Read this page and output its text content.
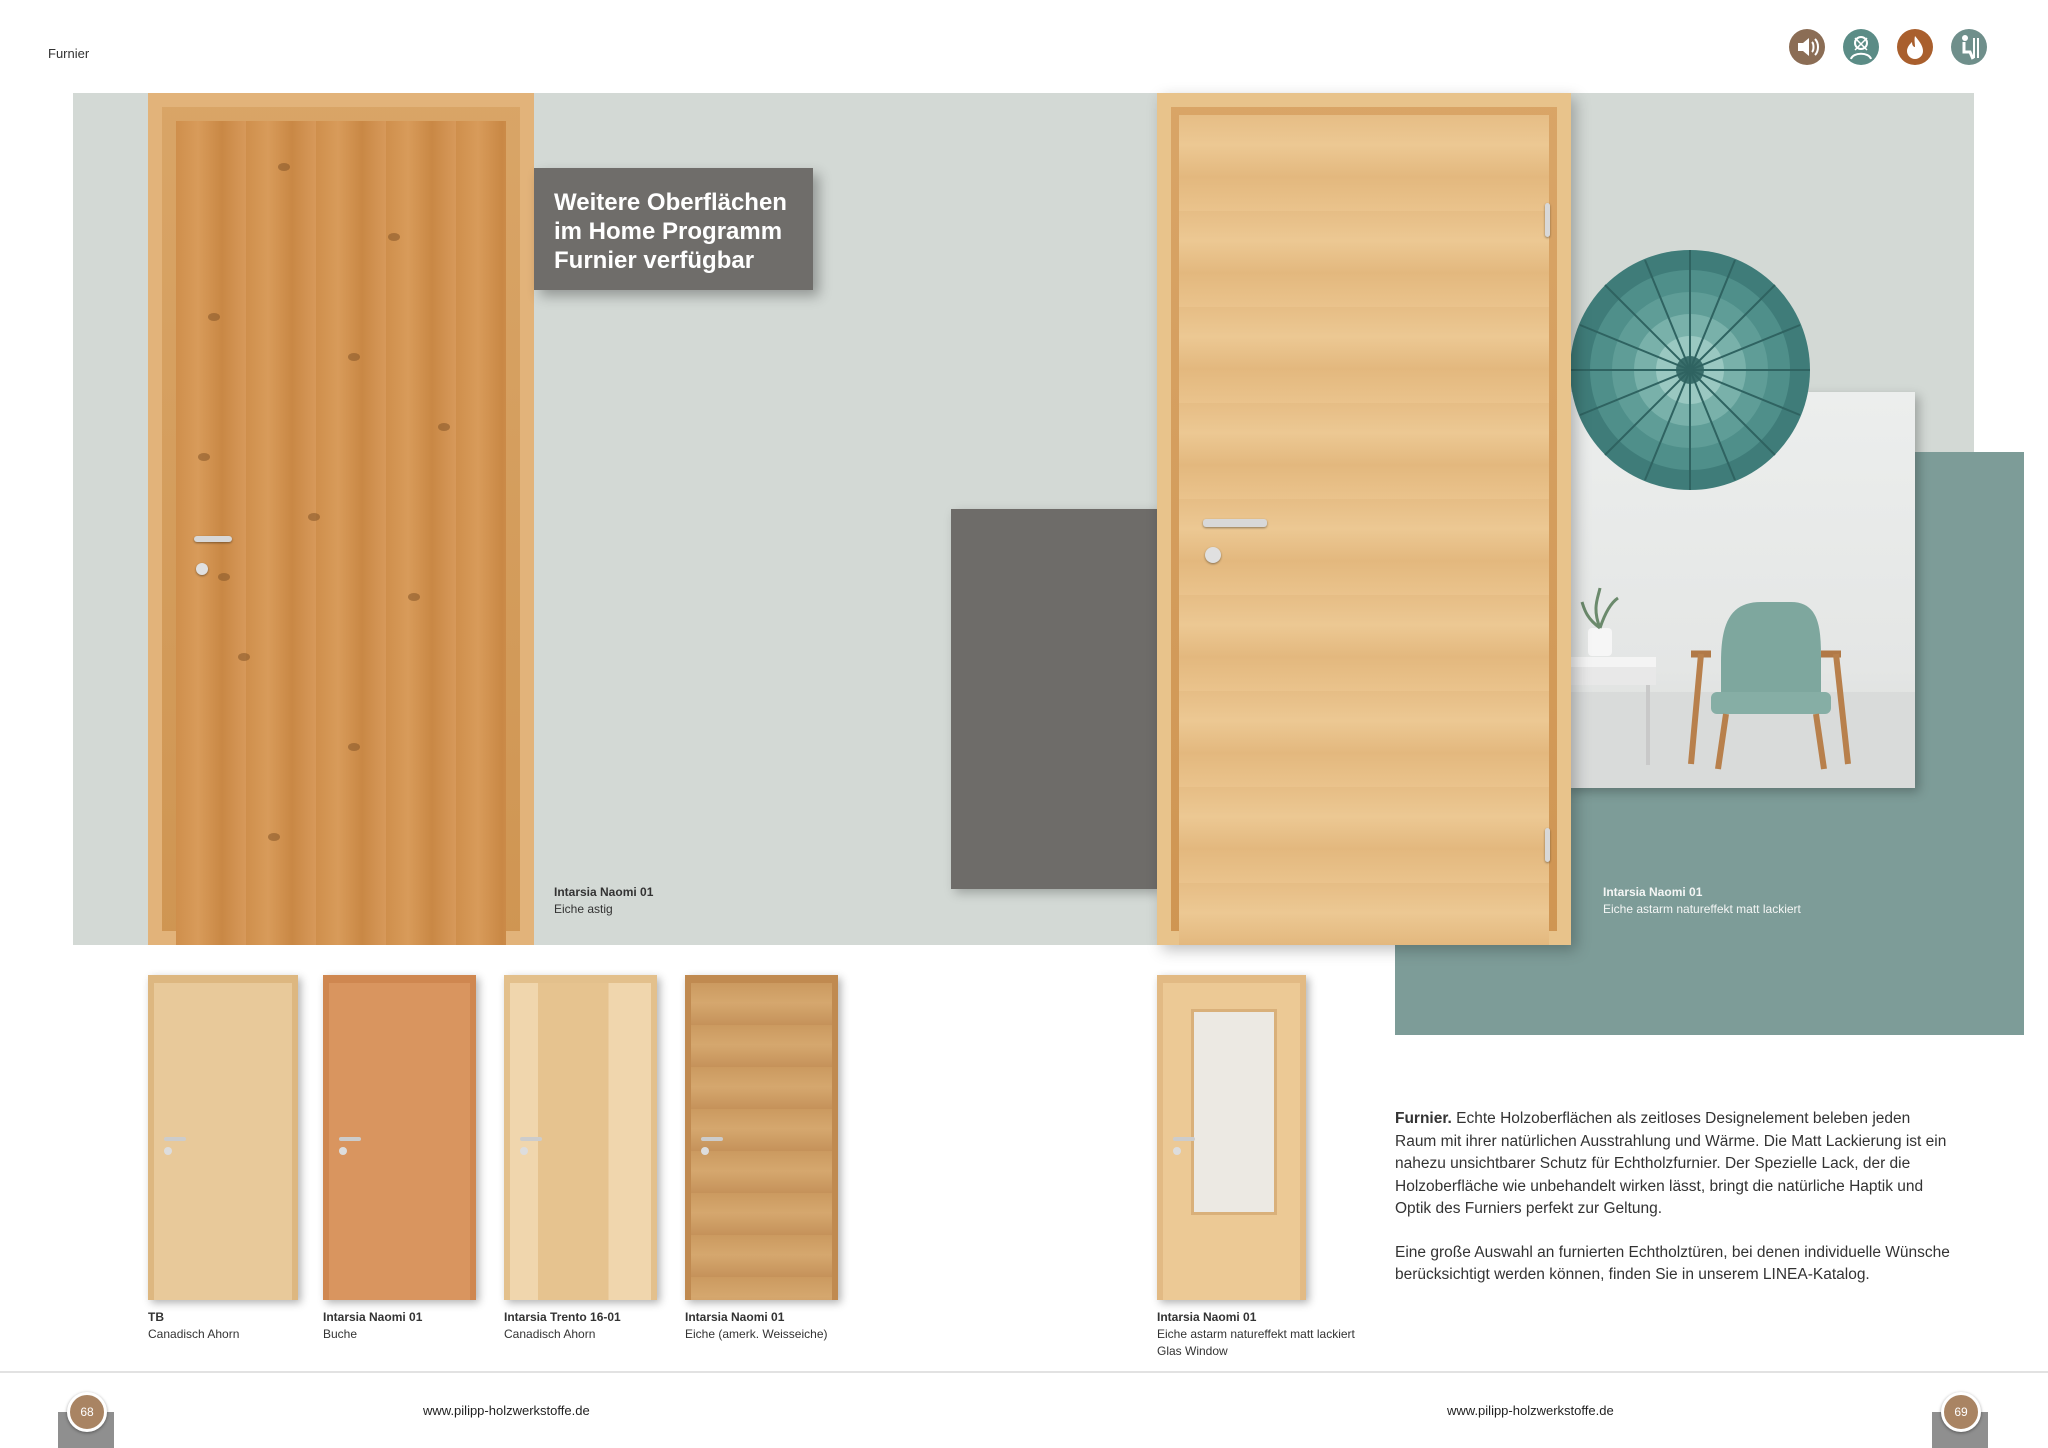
Furnier
Weitere Oberflächen im Home Programm Furnier verfügbar
Intarsia Naomi 01
Eiche astig
Intarsia Naomi 01
Eiche astarm natureffekt matt lackiert
TB
Canadisch Ahorn
Intarsia Naomi 01
Buche
Intarsia Trento 16-01
Canadisch Ahorn
Intarsia Naomi 01
Eiche (amerk. Weisseiche)
Intarsia Naomi 01
Eiche astarm natureffekt matt lackiert
Glas Window

Furnier. Echte Holzoberflächen als zeitloses Designelement beleben jeden Raum mit ihrer natürlichen Ausstrahlung und Wärme. Die Matt Lackierung ist ein nahezu unsichtbarer Schutz für Echtholzfurnier. Der Spezielle Lack, der die Holzoberfläche wie unbehandelt wirken lässt, bringt die natürliche Haptik und Optik des Furniers perfekt zur Geltung.

Eine große Auswahl an furnierten Echtholztüren, bei denen individuelle Wünsche berücksichtigt werden können, finden Sie in unserem LINEA-Katalog.

68	www.pilipp-holzwerkstoffe.de	www.pilipp-holzwerkstoffe.de	69
